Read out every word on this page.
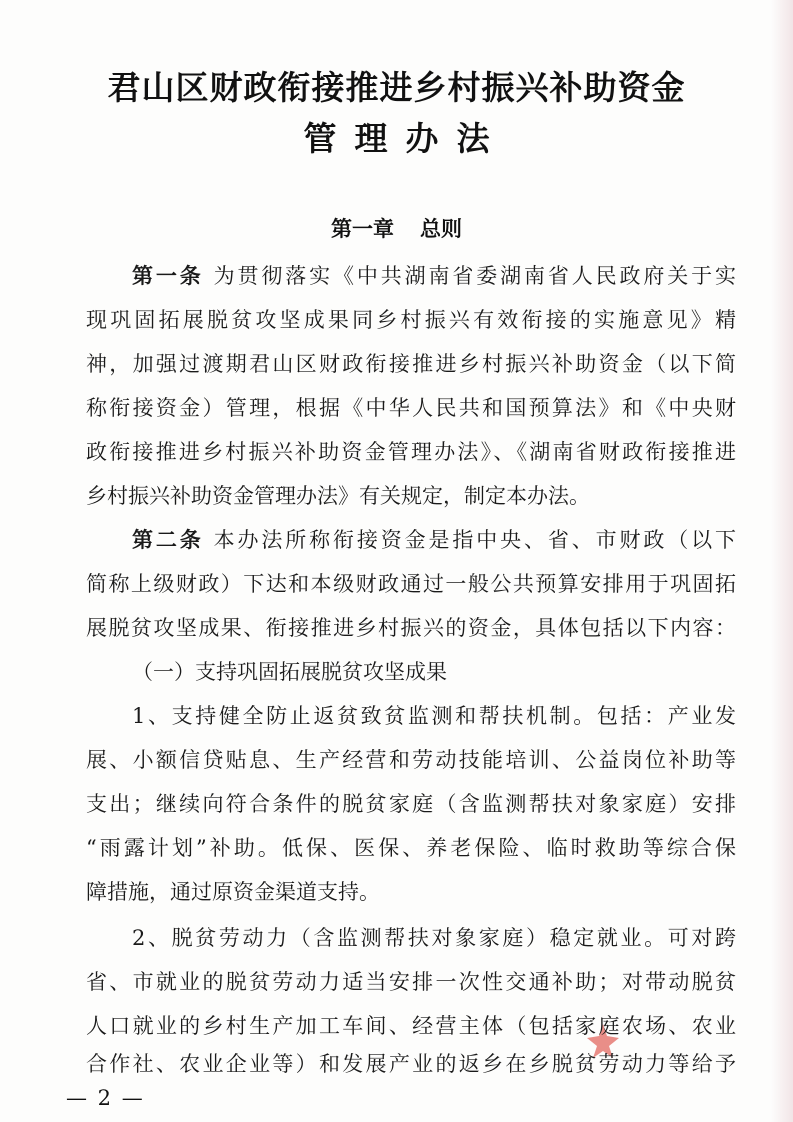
君山区财政衔接推进乡村振兴补助资金
管理办法
第一章 总则
第一条 为贯彻落实《中共湖南省委湖南省人民政府关于实
现巩固拓展脱贫攻坚成果同乡村振兴有效衔接的实施意见》精
神，加强过渡期君山区财政衔接推进乡村振兴补助资金（以下简
称衔接资金）管理，根据《中华人民共和国预算法》和《中央财
政衔接推进乡村振兴补助资金管理办法》、《湖南省财政衔接推进
乡村振兴补助资金管理办法》有关规定，制定本办法。
第二条 本办法所称衔接资金是指中央、省、市财政（以下
简称上级财政）下达和本级财政通过一般公共预算安排用于巩固拓
展脱贫攻坚成果、衔接推进乡村振兴的资金，具体包括以下内容：
（一）支持巩固拓展脱贫攻坚成果
1、支持健全防止返贫致贫监测和帮扶机制。包括：产业发
展、小额信贷贴息、生产经营和劳动技能培训、公益岗位补助等
支出；继续向符合条件的脱贫家庭（含监测帮扶对象家庭）安排
“雨露计划”补助。低保、医保、养老保险、临时救助等综合保
障措施，通过原资金渠道支持。
2、脱贫劳动力（含监测帮扶对象家庭）稳定就业。可对跨
省、市就业的脱贫劳动力适当安排一次性交通补助；对带动脱贫
人口就业的乡村生产加工车间、经营主体（包括家庭农场、农业
合作社、农业企业等）和发展产业的返乡在乡脱贫劳动力等给予
— 2 —
